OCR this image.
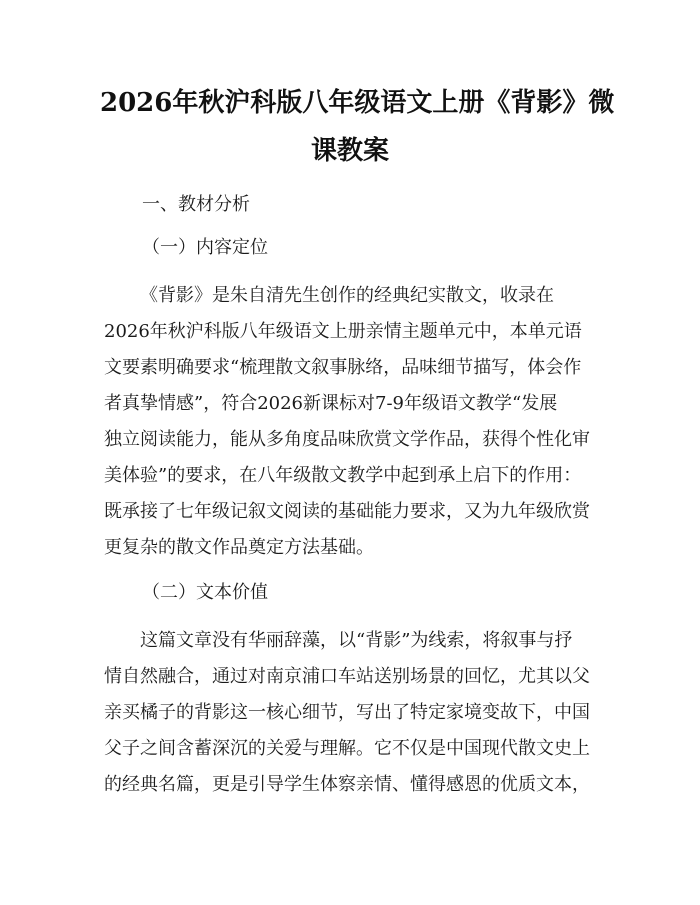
2026年秋沪科版八年级语文上册《背影》微
课教案
一、教材分析
（一）内容定位
《背影》是朱自清先生创作的经典纪实散文，收录在
2026年秋沪科版八年级语文上册亲情主题单元中，本单元语
文要素明确要求“梳理散文叙事脉络，品味细节描写，体会作
者真挚情感”，符合2026新课标对7-9年级语文教学“发展
独立阅读能力，能从多角度品味欣赏文学作品，获得个性化审
美体验”的要求，在八年级散文教学中起到承上启下的作用：
既承接了七年级记叙文阅读的基础能力要求，又为九年级欣赏
更复杂的散文作品奠定方法基础。
（二）文本价值
这篇文章没有华丽辞藻，以“背影”为线索，将叙事与抒
情自然融合，通过对南京浦口车站送别场景的回忆，尤其以父
亲买橘子的背影这一核心细节，写出了特定家境变故下，中国
父子之间含蓄深沉的关爱与理解。它不仅是中国现代散文史上
的经典名篇，更是引导学生体察亲情、懂得感恩的优质文本，
